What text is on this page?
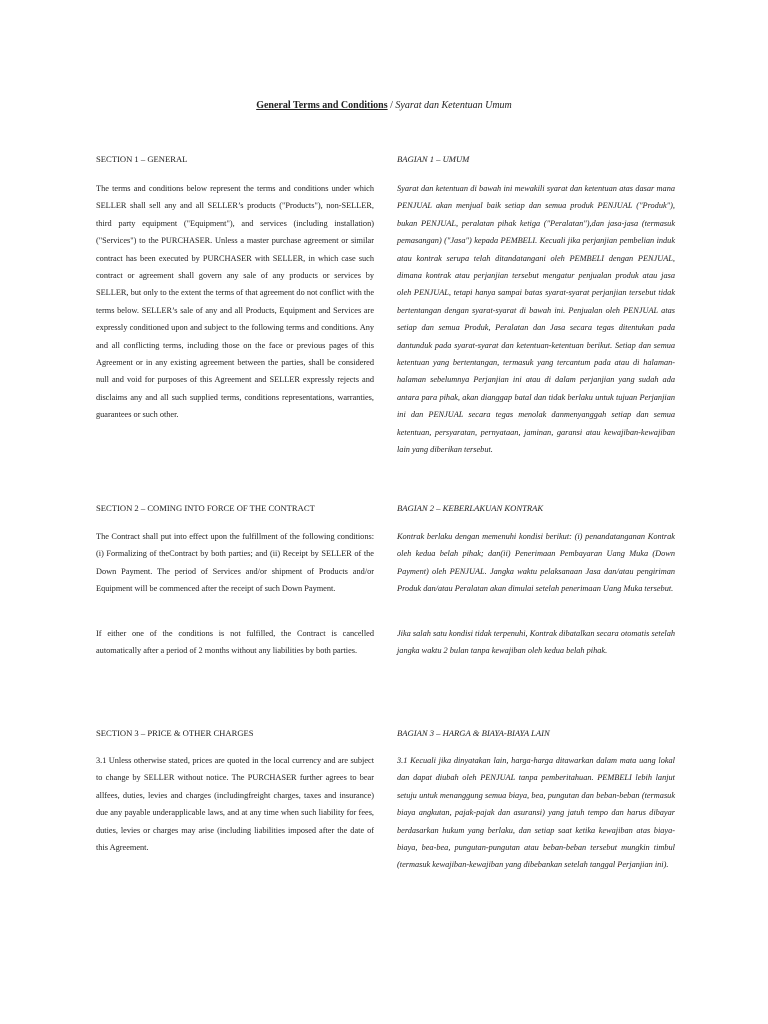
General Terms and Conditions / Syarat dan Ketentuan Umum
SECTION 1 – GENERAL	BAGIAN 1 – UMUM

The terms and conditions below represent the terms and conditions under which SELLER shall sell any and all SELLER’s products ("Products"), non-SELLER, third party equipment ("Equipment"), and services (including installation) ("Services") to the PURCHASER. Unless a master purchase agreement or similar contract has been executed by PURCHASER with SELLER, in which case such contract or agreement shall govern any sale of any products or services by SELLER, but only to the extent the terms of that agreement do not conflict with the terms below. SELLER’s sale of any and all Products, Equipment and Services are expressly conditioned upon and subject to the following terms and conditions. Any and all conflicting terms, including those on the face or previous pages of this Agreement or in any existing agreement between the parties, shall be considered null and void for purposes of this Agreement and SELLER expressly rejects and disclaims any and all such supplied terms, conditions representations, warranties, guarantees or such other.

Syarat dan ketentuan di bawah ini mewakili syarat dan ketentuan atas dasar mana PENJUAL akan menjual baik setiap dan semua produk PENJUAL ("Produk"), bukan PENJUAL, peralatan pihak ketiga ("Peralatan"),dan jasa-jasa (termasuk pemasangan) ("Jasa") kepada PEMBELI. Kecuali jika perjanjian pembelian induk atau kontrak serupa telah ditandatangani oleh PEMBELI dengan PENJUAL, dimana kontrak atau perjanjian tersebut mengatur penjualan produk atau jasa oleh PENJUAL, tetapi hanya sampai batas syarat-syarat perjanjian tersebut tidak bertentangan dengan syarat-syarat di bawah ini. Penjualan oleh PENJUAL atas setiap dan semua Produk, Peralatan dan Jasa secara tegas ditentukan pada dantunduk pada syarat-syarat dan ketentuan-ketentuan berikut. Setiap dan semua ketentuan yang bertentangan, termasuk yang tercantum pada atau di halaman-halaman sebelumnya Perjanjian ini atau di dalam perjanjian yang sudah ada antara para pihak, akan dianggap batal dan tidak berlaku untuk tujuan Perjanjian ini dan PENJUAL secara tegas menolak danmenyanggah setiap dan semua ketentuan, persyaratan, pernyataan, jaminan, garansi atau kewajiban-kewajiban lain yang diberikan tersebut.

SECTION 2 – COMING INTO FORCE OF THE CONTRACT	BAGIAN 2 – KEBERLAKUAN KONTRAK

The Contract shall put into effect upon the fulfillment of the following conditions: (i) Formalizing of theContract by both parties; and (ii) Receipt by SELLER of the Down Payment. The period of Services and/or shipment of Products and/or Equipment will be commenced after the receipt of such Down Payment.

Kontrak berlaku dengan memenuhi kondisi berikut: (i) penandatanganan Kontrak oleh kedua belah pihak; dan(ii) Penerimaan Pembayaran Uang Muka (Down Payment) oleh PENJUAL. Jangka waktu pelaksanaan Jasa dan/atau pengiriman Produk dan/atau Peralatan akan dimulai setelah penerimaan Uang Muka tersebut.

If either one of the conditions is not fulfilled, the Contract is cancelled automatically after a period of 2 months without any liabilities by both parties.

Jika salah satu kondisi tidak terpenuhi, Kontrak dibatalkan secara otomatis setelah jangka waktu 2 bulan tanpa kewajiban oleh kedua belah pihak.

SECTION 3 – PRICE & OTHER CHARGES	BAGIAN 3 – HARGA & BIAYA-BIAYA LAIN

3.1 Unless otherwise stated, prices are quoted in the local currency and are subject to change by SELLER without notice. The PURCHASER further agrees to bear allfees, duties, levies and charges (includingfreight charges, taxes and insurance) due any payable underapplicable laws, and at any time when such liability for fees, duties, levies or charges may arise (including liabilities imposed after the date of this Agreement.

3.1 Kecuali jika dinyatakan lain, harga-harga ditawarkan dalam mata uang lokal dan dapat diubah oleh PENJUAL tanpa pemberitahuan. PEMBELI lebih lanjut setuju untuk menanggung semua biaya, bea, pungutan dan beban-beban (termasuk biaya angkutan, pajak-pajak dan asuransi) yang jatuh tempo dan harus dibayar berdasarkan hukum yang berlaku, dan setiap saat ketika kewajiban atas biaya-biaya, bea-bea, pungutan-pungutan atau beban-beban tersebut mungkin timbul (termasuk kewajiban-kewajiban yang dibebankan setelah tanggal Perjanjian ini).
